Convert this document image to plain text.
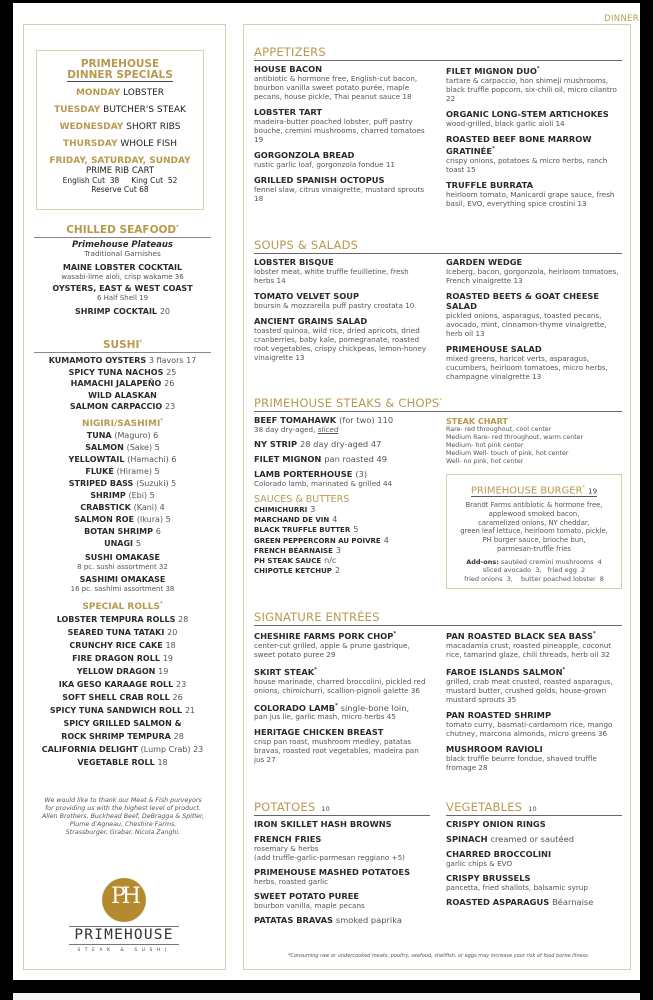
DINNER
PRIMEHOUSE
DINNER SPECIALS
MONDAY LOBSTER
TUESDAY BUTCHER'S STEAK
WEDNESDAY SHORT RIBS
THURSDAY WHOLE FISH
FRIDAY, SATURDAY, SUNDAY
PRIME RIB CART
English Cut  38     King Cut  52
Reserve Cut 68
CHILLED SEAFOOD*
Primehouse Plateaus
Traditional Garnishes
MAINE LOBSTER COCKTAIL
wasabi-lime aioli, crisp wakame 36
OYSTERS, EAST & WEST COAST
6 Half Shell 19
SHRIMP COCKTAIL 20
SUSHI*
KUMAMOTO OYSTERS 3 flavors 17
SPICY TUNA NACHOS 25
HAMACHI JALAPEÑO 26
WILD ALASKAN
SALMON CARPACCIO 23
NIGIRI/SASHIMI*
TUNA (Maguro) 6
SALMON (Sake) 5
YELLOWTAIL (Hamachi) 6
FLUKE (Hirame) 5
STRIPED BASS (Suzuki) 5
SHRIMP (Ebi) 5
CRABSTICK (Kani) 4
SALMON ROE (Ikura) 5
BOTAN SHRIMP 6
UNAGI 5
SUSHI OMAKASE
8 pc. sushi assortment 32
SASHIMI OMAKASE
16 pc. sashimi assortment 38
SPECIAL ROLLS*
LOBSTER TEMPURA ROLLS 28
SEARED TUNA TATAKI 20
CRUNCHY RICE CAKE 18
FIRE DRAGON ROLL 19
YELLOW DRAGON 19
IKA GESO KARAAGE ROLL 23
SOFT SHELL CRAB ROLL 26
SPICY TUNA SANDWICH ROLL 21
SPICY GRILLED SALMON &
ROCK SHRIMP TEMPURA 28
CALIFORNIA DELIGHT (Lump Crab) 23
VEGETABLE ROLL 18
We would like to thank our Meat & Fish purveyors
for providing us with the highest level of product.
Allen Brothers, Buckhead Beef, DeBragga & Spitler,
Plume d'Agneau, Cheshire Farms,
Strassburger, Grabar, Nicola Zanghi.
PH
PRIMEHOUSE
STEAK & SUSHI
APPETIZERS
HOUSE BACON
antibiotic & hormone free, English-cut bacon, bourbon vanilla sweet potato purée, maple pecans, house pickle, Thai peanut sauce 18
LOBSTER TART
madeira-butter poached lobster, puff pastry bouche, cremini mushrooms, charred tomatoes 19
GORGONZOLA BREAD
rustic garlic loaf, gorgonzola fondue 11
GRILLED SPANISH OCTOPUS
fennel slaw, citrus vinaigrette, mustard sprouts 18
FILET MIGNON DUO*
tartare & carpaccio, hon shimeji mushrooms, black truffle popcorn, six-chili oil, micro cilantro 22
ORGANIC LONG-STEM ARTICHOKES
wood-grilled, black garlic aioli 14
ROASTED BEEF BONE MARROW GRATINÉE*
crispy onions, potatoes & micro herbs, ranch toast 15
TRUFFLE BURRATA
heirloom tomato, Manicardi grape sauce, fresh basil, EVO, everything spice crostini 13
SOUPS & SALADS
LOBSTER BISQUE
lobster meat, white truffle feuilletine, fresh herbs 14
TOMATO VELVET SOUP
boursin & mozzarella puff pastry crostata 10
ANCIENT GRAINS SALAD
toasted quinoa, wild rice, dried apricots, dried cranberries, baby kale, pomegranate, roasted root vegetables, crispy chickpeas, lemon-honey vinaigrette 13
GARDEN WEDGE
Iceberg, bacon, gorgonzola, heirloom tomatoes, French vinaigrette 13
ROASTED BEETS & GOAT CHEESE SALAD
pickled onions, asparagus, toasted pecans, avocado, mint, cinnamon-thyme vinaigrette, herb oil 13
PRIMEHOUSE SALAD
mixed greens, haricot verts, asparagus, cucumbers, heirloom tomatoes, micro herbs, champagne vinaigrette 13
PRIMEHOUSE STEAKS & CHOPS*
BEEF TOMAHAWK (for two) 110
38 day dry-aged, sliced
NY STRIP 28 day dry-aged 47
FILET MIGNON pan roasted 49
LAMB PORTERHOUSE (3)
Colorado lamb, marinated & grilled 44
SAUCES & BUTTERS
CHIMICHURRI 3
MARCHAND DE VIN 4
BLACK TRUFFLE BUTTER 5
GREEN PEPPERCORN AU POIVRE 4
FRENCH BÉARNAISE 3
PH STEAK SAUCE n/c
CHIPOTLE KETCHUP 2
STEAK CHART
Rare- red throughout, cool center
Medium Rare- red throughout, warm center
Medium- hot pink center
Medium Well- touch of pink, hot center
Well- no pink, hot center
PRIMEHOUSE BURGER* 19
Brandt Farms antibiotic & hormone free,
applewood smoked bacon,
caramelized onions, NY cheddar,
green leaf lettuce, heirloom tomato, pickle,
PH burger sauce, brioche bun,
parmesan-truffle fries
Add-ons: sautéed cremini mushrooms  4
sliced avocado  3,   fried egg  2
fried onions  3,    butter poached lobster  8
SIGNATURE ENTRÉES
CHESHIRE FARMS PORK CHOP*
center-cut grilled, apple & prune gastrique, sweet potato puree 29
SKIRT STEAK*
house marinade, charred broccolini, pickled red onions, chimichurri, scallion-pignoli galette 36
COLORADO LAMB* single-bone loin,
pan jus lie, garlic mash, micro herbs 45
HERITAGE CHICKEN BREAST
crisp pan roast, mushroom medley, patatas bravas, roasted root vegetables, madeira pan jus 27
PAN ROASTED BLACK SEA BASS*
macadamia crust, roasted pineapple, coconut rice, tamarind glaze, chili threads, herb oil 32
FAROE ISLANDS SALMON*
grilled, crab meat crusted, roasted asparagus, mustard butter, crushed golds, house-grown mustard sprouts 35
PAN ROASTED SHRIMP
tomato curry, basmati-cardamom rice, mango chutney, marcona almonds, micro greens 36
MUSHROOM RAVIOLI
black truffle beurre fondue, shaved truffle fromage 28
POTATOES 10
IRON SKILLET HASH BROWNS
FRENCH FRIES
rosemary & herbs
(add truffle-garlic-parmesan reggiano +5)
PRIMEHOUSE MASHED POTATOES
herbs, roasted garlic
SWEET POTATO PUREE
bourbon vanilla, maple pecans
PATATAS BRAVAS smoked paprika
VEGETABLES 10
CRISPY ONION RINGS
SPINACH creamed or sautéed
CHARRED BROCCOLINI
garlic chips & EVO
CRISPY BRUSSELS
pancetta, fried shallots, balsamic syrup
ROASTED ASPARAGUS Béarnaise
*Consuming raw or undercooked meats, poultry, seafood, shellfish, or eggs may increase your risk of food borne illness.
